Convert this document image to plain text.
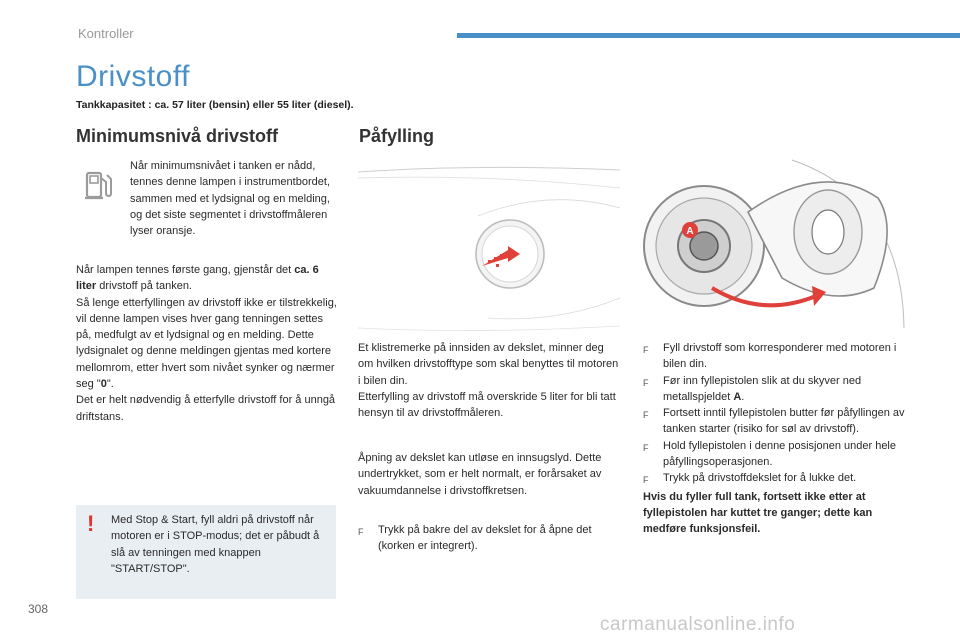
Kontroller
Drivstoff
Tankkapasitet : ca. 57 liter (bensin) eller 55 liter (diesel).
Minimumsnivå drivstoff

Når minimumsnivået i tanken er nådd, tennes denne lampen i instrumentbordet, sammen med et lydsignal og en melding, og det siste segmentet i drivstoffmåleren lyser oransje.

Når lampen tennes første gang, gjenstår det ca. 6 liter drivstoff på tanken.

Så lenge etterfyllingen av drivstoff ikke er tilstrekkelig, vil denne lampen vises hver gang tenningen settes på, medfulgt av et lydsignal og en melding. Dette lydsignalet og denne meldingen gjentas med kortere mellomrom, etter hvert som nivået synker og nærmer seg "0".

Det er helt nødvendig å etterfylle drivstoff for å unngå driftstans.

! Med Stop & Start, fyll aldri på drivstoff når motoren er i STOP-modus; det er påbudt å slå av tenningen med knappen "START/STOP".

Påfylling

Et klistremerke på innsiden av dekslet, minner deg om hvilken drivstofftype som skal benyttes til motoren i bilen din.
Etterfylling av drivstoff må overskride 5 liter for bli tatt hensyn til av drivstoffmåleren.

Åpning av dekslet kan utløse en innsugslyd. Dette undertrykket, som er helt normalt, er forårsaket av vakuumdannelse i drivstoffkretsen.

F	Trykk på bakre del av dekslet for å åpne det (korken er integrert).
A
F	Fyll drivstoff som korresponderer med motoren i bilen din.
F	Før inn fyllepistolen slik at du skyver ned metallspjeldet A.
F	Fortsett inntil fyllepistolen butter før påfyllingen av tanken starter (risiko for søl av drivstoff).
F	Hold fyllepistolen i denne posisjonen under hele påfyllingsoperasjonen.
F	Trykk på drivstoffdekslet for å lukke det.

Hvis du fyller full tank, fortsett ikke etter at fyllepistolen har kuttet tre ganger; dette kan medføre funksjonsfeil.

308
carmanualsonline.info
